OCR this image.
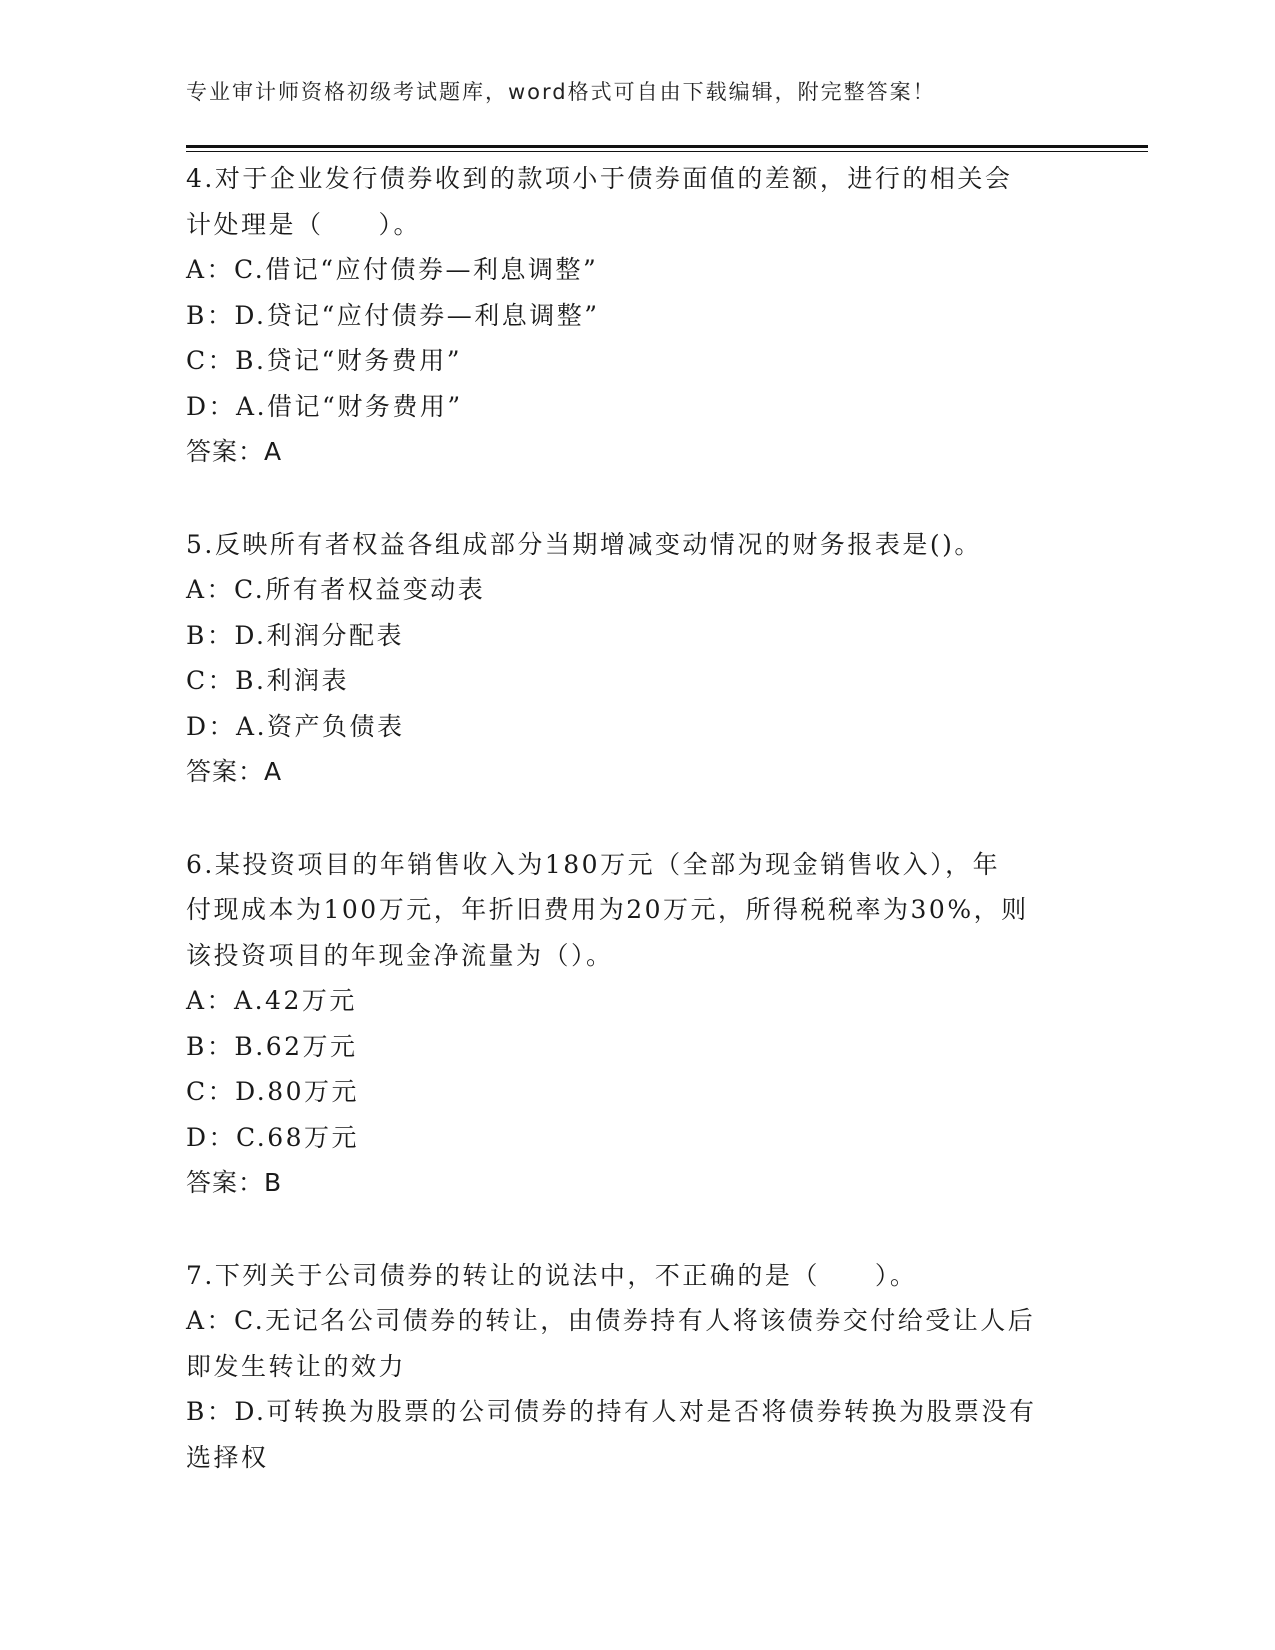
专业审计师资格初级考试题库，word格式可自由下载编辑，附完整答案！
4.对于企业发行债券收到的款项小于债券面值的差额，进行的相关会
计处理是（　　）。
A：C.借记“应付债券—利息调整”
B：D.贷记“应付债券—利息调整”
C：B.贷记“财务费用”
D：A.借记“财务费用”
答案：A
5.反映所有者权益各组成部分当期增减变动情况的财务报表是()。
A：C.所有者权益变动表
B：D.利润分配表
C：B.利润表
D：A.资产负债表
答案：A
6.某投资项目的年销售收入为180万元（全部为现金销售收入），年
付现成本为100万元，年折旧费用为20万元，所得税税率为30%，则
该投资项目的年现金净流量为（）。
A：A.42万元
B：B.62万元
C：D.80万元
D：C.68万元
答案：B
7.下列关于公司债券的转让的说法中，不正确的是（　　）。
A：C.无记名公司债券的转让，由债券持有人将该债券交付给受让人后
即发生转让的效力
B：D.可转换为股票的公司债券的持有人对是否将债券转换为股票没有
选择权
